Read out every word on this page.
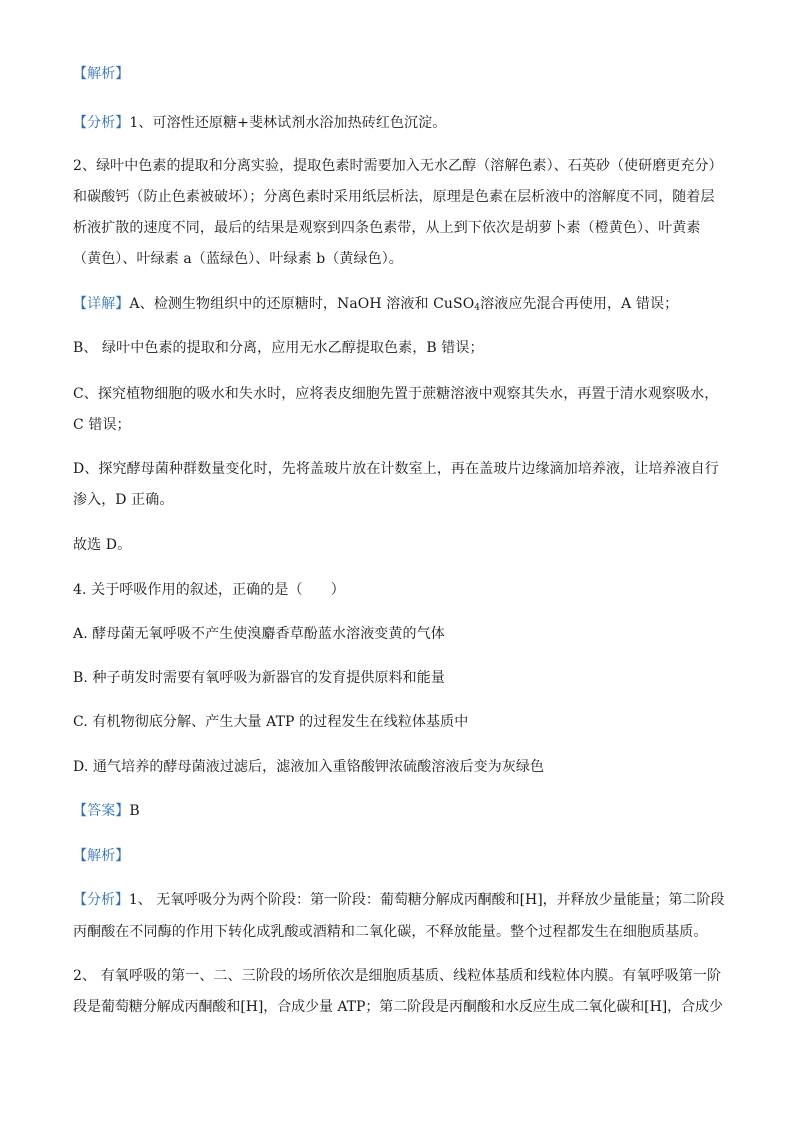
【解析】
【分析】1、可溶性还原糖+斐林试剂水浴加热砖红色沉淀。
2、绿叶中色素的提取和分离实验，提取色素时需要加入无水乙醇（溶解色素）、石英砂（使研磨更充分）
和碳酸钙（防止色素被破坏）；分离色素时采用纸层析法，原理是色素在层析液中的溶解度不同，随着层
析液扩散的速度不同，最后的结果是观察到四条色素带，从上到下依次是胡萝卜素（橙黄色）、叶黄素
（黄色）、叶绿素 a（蓝绿色）、叶绿素 b（黄绿色）。
【详解】A、检测生物组织中的还原糖时，NaOH 溶液和 CuSO$_4$溶液应先混合再使用，A 错误；
B、 绿叶中色素的提取和分离，应用无水乙醇提取色素，B 错误；
C、探究植物细胞的吸水和失水时，应将表皮细胞先置于蔗糖溶液中观察其失水，再置于清水观察吸水，
C 错误；
D、探究酵母菌种群数量变化时，先将盖玻片放在计数室上，再在盖玻片边缘滴加培养液，让培养液自行
渗入，D 正确。
故选 D。
4. 关于呼吸作用的叙述，正确的是（　　）
A. 酵母菌无氧呼吸不产生使溴麝香草酚蓝水溶液变黄的气体
B. 种子萌发时需要有氧呼吸为新器官的发育提供原料和能量
C. 有机物彻底分解、产生大量 ATP 的过程发生在线粒体基质中
D. 通气培养的酵母菌液过滤后，滤液加入重铬酸钾浓硫酸溶液后变为灰绿色
【答案】B
【解析】
【分析】1、 无氧呼吸分为两个阶段：第一阶段：葡萄糖分解成丙酮酸和[H]，并释放少量能量；第二阶段
丙酮酸在不同酶的作用下转化成乳酸或酒精和二氧化碳，不释放能量。整个过程都发生在细胞质基质。
2、 有氧呼吸的第一、二、三阶段的场所依次是细胞质基质、线粒体基质和线粒体内膜。有氧呼吸第一阶
段是葡萄糖分解成丙酮酸和[H]，合成少量 ATP；第二阶段是丙酮酸和水反应生成二氧化碳和[H]，合成少
